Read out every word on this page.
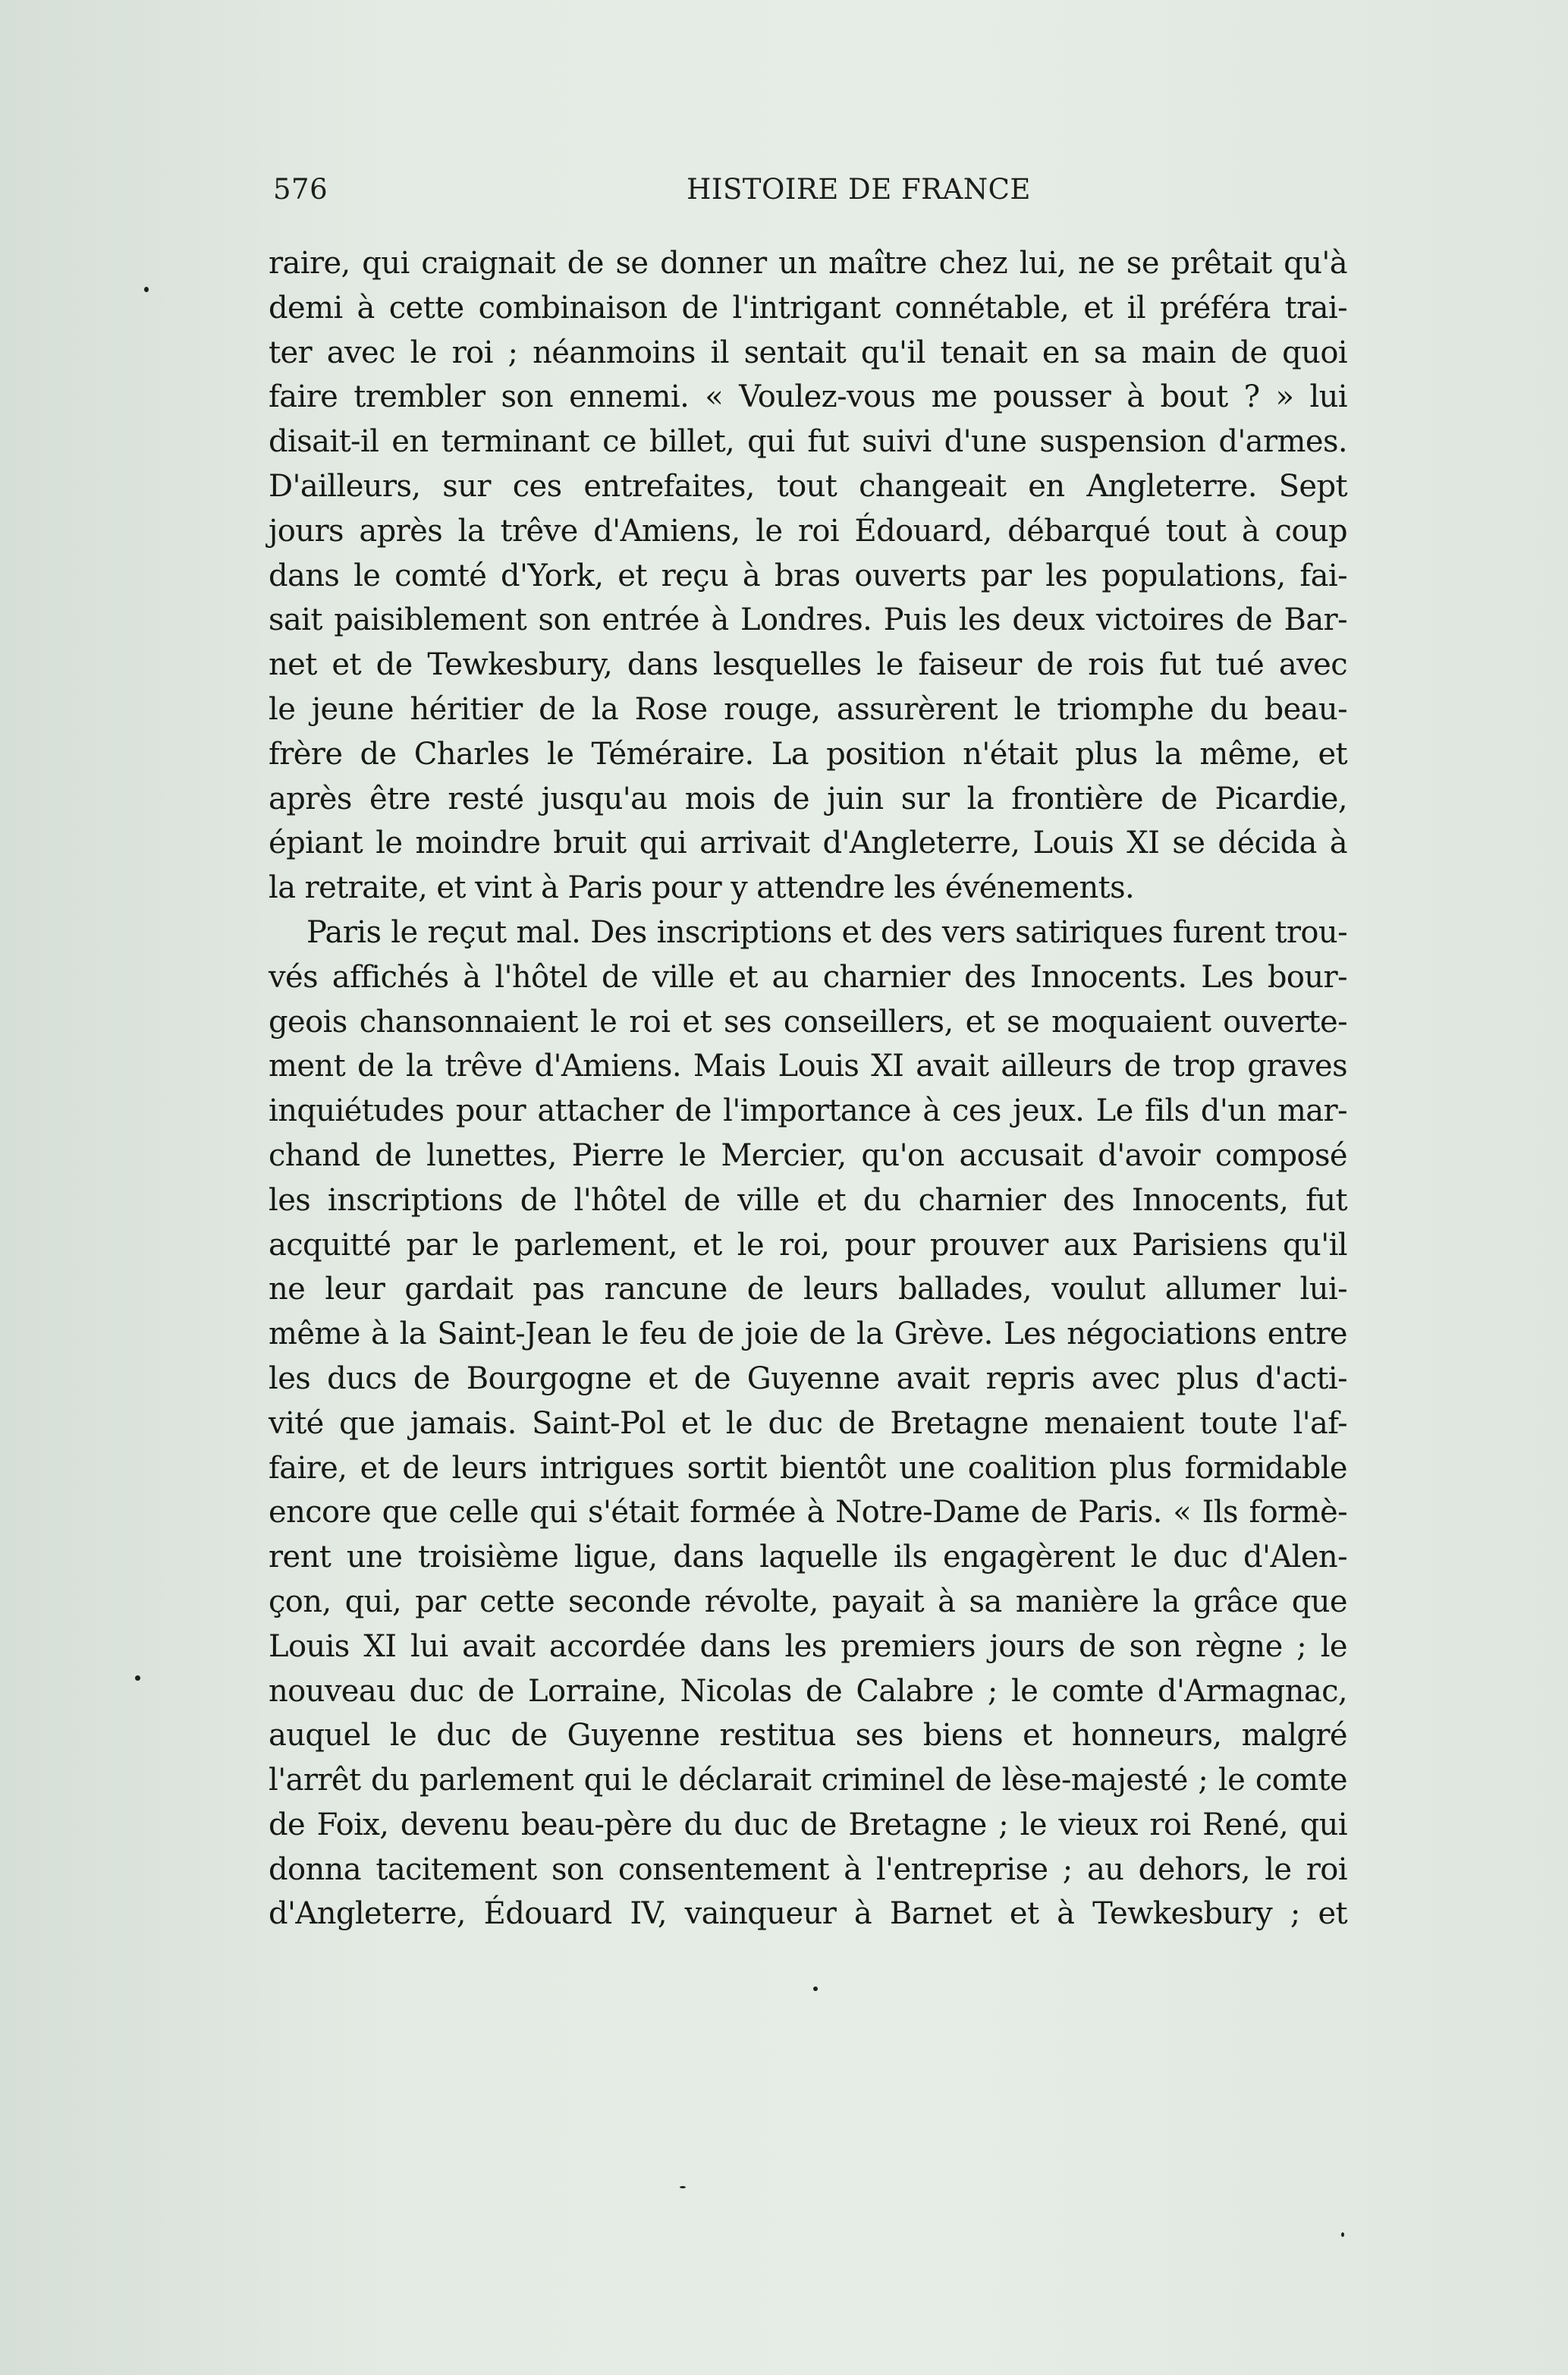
576	HISTOIRE DE FRANCE
raire, qui craignait de se donner un maître chez lui, ne se prêtait qu'à
demi à cette combinaison de l'intrigant connétable, et il préféra trai-
ter avec le roi ; néanmoins il sentait qu'il tenait en sa main de quoi
faire trembler son ennemi. « Voulez-vous me pousser à bout ? » lui
disait-il en terminant ce billet, qui fut suivi d'une suspension d'armes.
D'ailleurs, sur ces entrefaites, tout changeait en Angleterre. Sept
jours après la trêve d'Amiens, le roi Édouard, débarqué tout à coup
dans le comté d'York, et reçu à bras ouverts par les populations, fai-
sait paisiblement son entrée à Londres. Puis les deux victoires de Bar-
net et de Tewkesbury, dans lesquelles le faiseur de rois fut tué avec
le jeune héritier de la Rose rouge, assurèrent le triomphe du beau-
frère de Charles le Téméraire. La position n'était plus la même, et
après être resté jusqu'au mois de juin sur la frontière de Picardie,
épiant le moindre bruit qui arrivait d'Angleterre, Louis XI se décida à
la retraite, et vint à Paris pour y attendre les événements.
Paris le reçut mal. Des inscriptions et des vers satiriques furent trou-
vés affichés à l'hôtel de ville et au charnier des Innocents. Les bour-
geois chansonnaient le roi et ses conseillers, et se moquaient ouverte-
ment de la trêve d'Amiens. Mais Louis XI avait ailleurs de trop graves
inquiétudes pour attacher de l'importance à ces jeux. Le fils d'un mar-
chand de lunettes, Pierre le Mercier, qu'on accusait d'avoir composé
les inscriptions de l'hôtel de ville et du charnier des Innocents, fut
acquitté par le parlement, et le roi, pour prouver aux Parisiens qu'il
ne leur gardait pas rancune de leurs ballades, voulut allumer lui-
même à la Saint-Jean le feu de joie de la Grève. Les négociations entre
les ducs de Bourgogne et de Guyenne avait repris avec plus d'acti-
vité que jamais. Saint-Pol et le duc de Bretagne menaient toute l'af-
faire, et de leurs intrigues sortit bientôt une coalition plus formidable
encore que celle qui s'était formée à Notre-Dame de Paris. « Ils formè-
rent une troisième ligue, dans laquelle ils engagèrent le duc d'Alen-
çon, qui, par cette seconde révolte, payait à sa manière la grâce que
Louis XI lui avait accordée dans les premiers jours de son règne ; le
nouveau duc de Lorraine, Nicolas de Calabre ; le comte d'Armagnac,
auquel le duc de Guyenne restitua ses biens et honneurs, malgré
l'arrêt du parlement qui le déclarait criminel de lèse-majesté ; le comte
de Foix, devenu beau-père du duc de Bretagne ; le vieux roi René, qui
donna tacitement son consentement à l'entreprise ; au dehors, le roi
d'Angleterre, Édouard IV, vainqueur à Barnet et à Tewkesbury ; et
